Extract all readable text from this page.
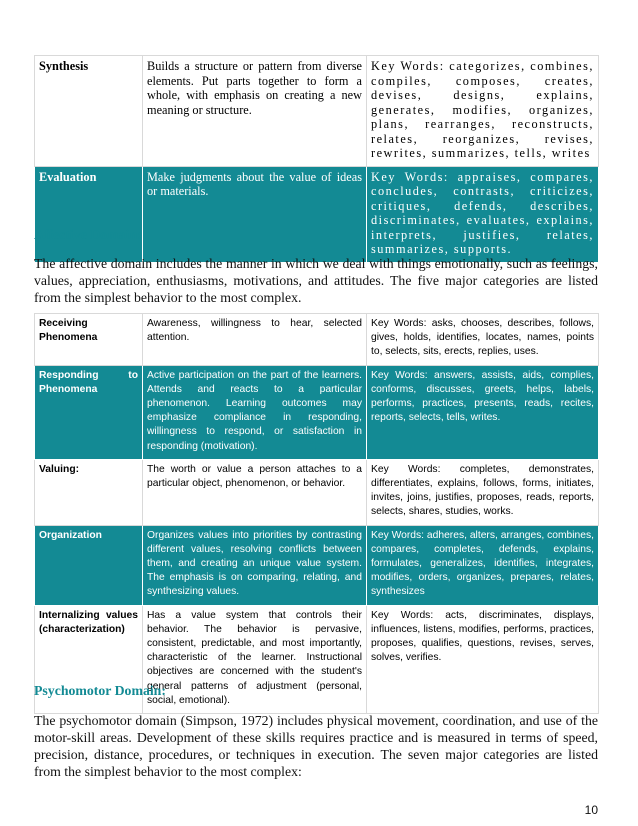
Synthesis	Builds a structure or pattern from diverse elements. Put parts together to form a whole, with emphasis on creating a new meaning or structure.	Key Words: categorizes, combines, compiles, composes, creates, devises, designs, explains, generates, modifies, organizes, plans, rearranges, reconstructs, relates, reorganizes, revises, rewrites, summarizes, tells, writes
Evaluation	Make judgments about the value of ideas or materials.	Key Words: appraises, compares, concludes, contrasts, criticizes, critiques, defends, describes, discriminates, evaluates, explains, interprets, justifies, relates, summarizes, supports.
Affective Domain:
The affective domain includes the manner in which we deal with things emotionally, such as feelings, values, appreciation, enthusiasms, motivations, and attitudes. The five major categories are listed from the simplest behavior to the most complex.
Receiving Phenomena	Awareness, willingness to hear, selected attention.	Key Words: asks, chooses, describes, follows, gives, holds, identifies, locates, names, points to, selects, sits, erects, replies, uses.
Responding to Phenomena	Active participation on the part of the learners. Attends and reacts to a particular phenomenon. Learning outcomes may emphasize compliance in responding, willingness to respond, or satisfaction in responding (motivation).	Key Words: answers, assists, aids, complies, conforms, discusses, greets, helps, labels, performs, practices, presents, reads, recites, reports, selects, tells, writes.
Valuing:	The worth or value a person attaches to a particular object, phenomenon, or behavior.	Key Words: completes, demonstrates, differentiates, explains, follows, forms, initiates, invites, joins, justifies, proposes, reads, reports, selects, shares, studies, works.
Organization	Organizes values into priorities by contrasting different values, resolving conflicts between them, and creating an unique value system. The emphasis is on comparing, relating, and synthesizing values.	Key Words: adheres, alters, arranges, combines, compares, completes, defends, explains, formulates, generalizes, identifies, integrates, modifies, orders, organizes, prepares, relates, synthesizes
Internalizing values (characterization)	Has a value system that controls their behavior. The behavior is pervasive, consistent, predictable, and most importantly, characteristic of the learner. Instructional objectives are concerned with the student's general patterns of adjustment (personal, social, emotional).	Key Words: acts, discriminates, displays, influences, listens, modifies, performs, practices, proposes, qualifies, questions, revises, serves, solves, verifies.
Psychomotor Domain:
The psychomotor domain (Simpson, 1972) includes physical movement, coordination, and use of the motor-skill areas. Development of these skills requires practice and is measured in terms of speed, precision, distance, procedures, or techniques in execution. The seven major categories are listed from the simplest behavior to the most complex:
10
